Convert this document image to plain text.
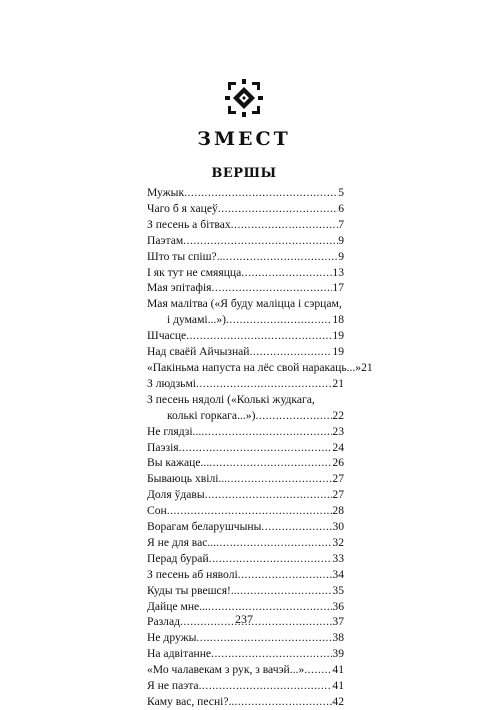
ЗМЕСТ
ВЕРШЫ
Мужык .....	5
Чаго б я хацеў .....	6
З песень а бітвах .....	7
Паэтам .....	9
Што ты спіш?.. .....	9
І як тут не смяяцца .....	13
Мая эпітафія .....	17
Мая малітва («Я буду маліцца і сэрцам,
і думамі...») .....	18
Шчасце .....	19
Над сваёй Айчызнай .....	19
«Пакіньма напуста на лёс свой наракаць...» 21
З людзьмі .....	21
З песень нядолі («Колькі жудкага,
колькі горкага...») .....	22
Не глядзі... .....	23
Паэзія .....	24
Вы кажаце... .....	26
Бываюць хвілі... .....	27
Доля ўдавы .....	27
Сон .....	28
Ворагам беларушчыны .....	30
Я не для вас... .....	32
Перад бурай .....	33
З песень аб няволі .....	34
Куды ты рвешся!.. .....	35
Дайце мне... .....	36
Разлад .....	37
Не дружы .....	38
На адвітанне .....	39
«Мо чалавекам з рук, з вачэй...» ..... 41
Я не паэта .....	41
Каму вас, песні?.. .....	42
237
